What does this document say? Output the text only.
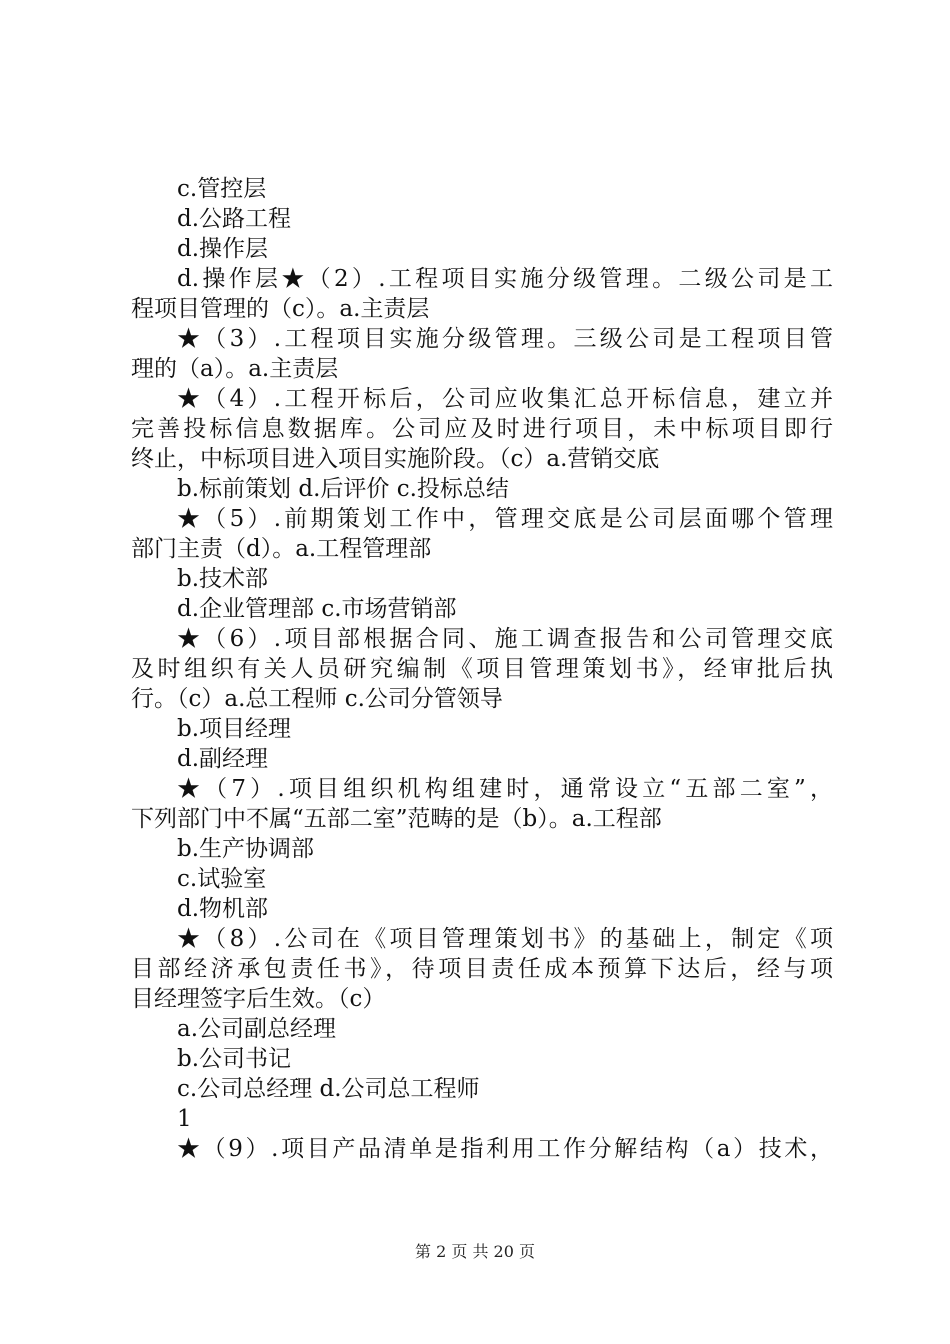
c.管控层
d.公路工程
d.操作层
d.操作层★（2）.工程项目实施分级管理。二级公司是工
程项目管理的（c）。a.主责层
★（3）.工程项目实施分级管理。三级公司是工程项目管
理的（a）。a.主责层
★（4）.工程开标后，公司应收集汇总开标信息，建立并
完善投标信息数据库。公司应及时进行项目，未中标项目即行
终止，中标项目进入项目实施阶段。（c）a.营销交底
b.标前策划 d.后评价 c.投标总结
★（5）.前期策划工作中，管理交底是公司层面哪个管理
部门主责（d）。a.工程管理部
b.技术部
d.企业管理部 c.市场营销部
★（6）.项目部根据合同、施工调查报告和公司管理交底
及时组织有关人员研究编制《项目管理策划书》，经审批后执
行。（c）a.总工程师 c.公司分管领导
b.项目经理
d.副经理
★（7）.项目组织机构组建时，通常设立“五部二室”，
下列部门中不属“五部二室”范畴的是（b）。a.工程部
b.生产协调部
c.试验室
d.物机部
★（8）.公司在《项目管理策划书》的基础上，制定《项
目部经济承包责任书》，待项目责任成本预算下达后，经与项
目经理签字后生效。（c）
a.公司副总经理
b.公司书记
c.公司总经理 d.公司总工程师
1
★（9）.项目产品清单是指利用工作分解结构（a）技术，
第 2 页 共 20 页
